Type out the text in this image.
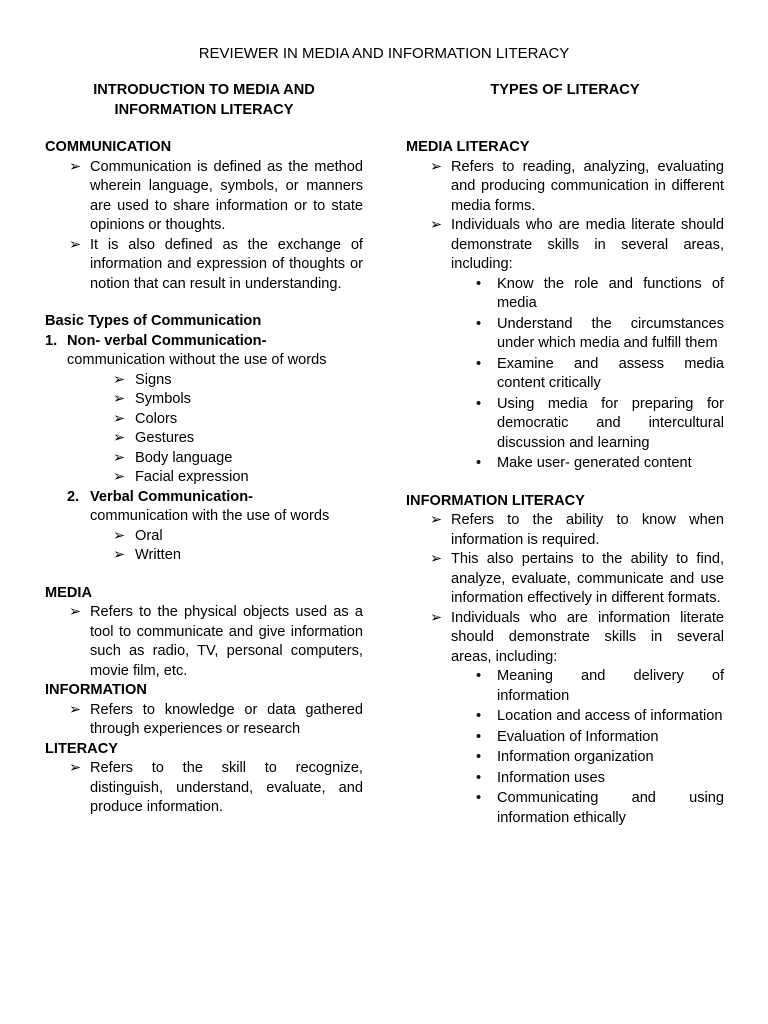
REVIEWER IN MEDIA AND INFORMATION LITERACY
INTRODUCTION TO MEDIA AND
INFORMATION LITERACY
COMMUNICATION
➢ Communication is defined as the method wherein language, symbols, or manners are used to share information or to state opinions or thoughts.
➢ It is also defined as the exchange of information and expression of thoughts or notion that can result in understanding.
Basic Types of Communication
1. Non- verbal Communication-
communication without the use of words
➢ Signs
➢ Symbols
➢ Colors
➢ Gestures
➢ Body language
➢ Facial expression
2. Verbal Communication-
communication with the use of words
➢ Oral
➢ Written
MEDIA
➢ Refers to the physical objects used as a tool to communicate and give information such as radio, TV, personal computers, movie film, etc.
INFORMATION
➢ Refers to knowledge or data gathered through experiences or research
LITERACY
➢ Refers to the skill to recognize, distinguish, understand, evaluate, and produce information.
TYPES OF LITERACY
MEDIA LITERACY
➢ Refers to reading, analyzing, evaluating and producing communication in different media forms.
➢ Individuals who are media literate should demonstrate skills in several areas, including:
• Know the role and functions of media
• Understand the circumstances under which media and fulfill them
• Examine and assess media content critically
• Using media for preparing for democratic and intercultural discussion and learning
• Make user- generated content
INFORMATION LITERACY
➢ Refers to the ability to know when information is required.
➢ This also pertains to the ability to find, analyze, evaluate, communicate and use information effectively in different formats.
➢ Individuals who are information literate should demonstrate skills in several areas, including:
• Meaning and delivery of information
• Location and access of information
• Evaluation of Information
• Information organization
• Information uses
• Communicating and using information ethically
